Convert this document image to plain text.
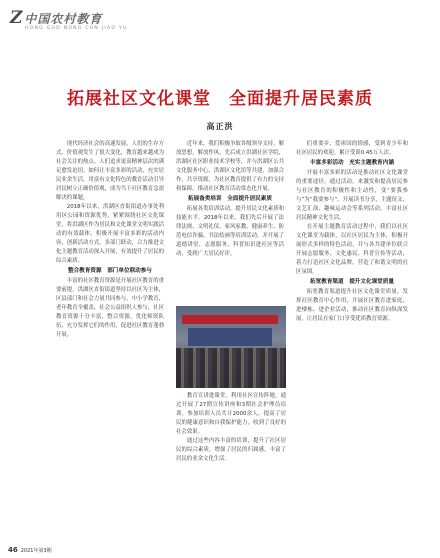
Z中国农村教育
HONG GUO NONG CUN JIAO YU
拓展社区文化课堂　全面提升居民素质
高正洪

现代经济社会的高速发展，人们的生存方式、价值观发生了很大变化，教育越来越成为社会关注的热点。人们追求更高精神层次的满足愈发迫切。如何让丰富多彩的活动，充实居民业余生活，用富有文化特色的教育活动引导居民树立正确价值观，成为当下社区教育急需解决的课题。

2018年以来，洪湖区直街街道办事处利用区公园和资源优势，紧紧围绕社区文化课堂，将洪湖区作为居民和文化课堂文明实践活动的有效载体，积极开展丰富多彩的活动内容，创新活动方式，多部门联动，合力推进文化主题教育活动深入开展，有效提升了居民的综合素质。

整合教育资源　部门单位联动参与

丰富的社区教育资源是开展社区教育的重要前提。洪湖区直街街道坚持以社区为主体，区县部门和社会力量共同参与，中小学教育、老年教育全覆盖，社会公益组织人参与，社区教育资源十分丰富，整合资源，优化师资队伍，充分发挥它们的作用，促进社区教育蓬勃开展。

近年来，我们积极争取各级领导支持，解放思想，解放作风，先后成立洪湖社区学院，洪湖区社区职业技术学校等，并与洪湖区公共文化服务中心、洪湖区文化馆等共建，加强合作，共享资源，为社区教育提供了有力的支持和保障，推动社区教育活动常态化开展。

拓展备类培训　全面提升居民素质

拓展各类培训活动，提升居民文化素质和技能水平。2018年以来，我们先后开展了法律法规、文明礼仪、家风家教、健康养生、防范电信诈骗、书法绘画等培训活动，并开展了道德讲堂、志愿服务、科普知识进社区等活动，受到广大居民好评。

教育宣讲进课堂。利用社区宣传阵地，通过开展了27期宣传讲座和3期社会护理员培训。参加培训人员共计2000余人，提高了居民的健康意识和自我保护能力，收到了良好的社会效果。

通过这些内容丰富的培训，提升了社区居民的综合素质，增强了居民的归属感，丰富了居民的业余文化生活。

们重要乡、爱祖国的情感，受到青少年和社区居民的欢迎。累计受训0.45万人次。

丰富多彩活动　充实主题教育内涵

开展丰富多彩的活动是推动社区文化课堂的重要途径。通过活动，来激发和提高居民参与社区教育的积极性和主动性，变“要我参与”为“我要参与”。开展读书分享、主题征文、文艺汇演、趣味运动会等系列活动，丰富社区居民精神文化生活。

在开展主题教育活动过程中，我们以社区文化课堂为载体，以社区居民为主体，积极开展形式多样的特色活动，并与各共建单位联合开展志愿服务、文化惠民、科普宣传等活动，着力打造社区文化品牌，营造了和谐文明的社区氛围。

拓宽教育渠道　提升文化课堂质量

拓宽教育渠道提升社区文化课堂质量，发挥社区教育中心作用，开展社区教育进家庭、进楼栋、进企业活动，推动社区教育向纵深发展，让居民在家门口享受优质教育资源。

46 2021年第3期
